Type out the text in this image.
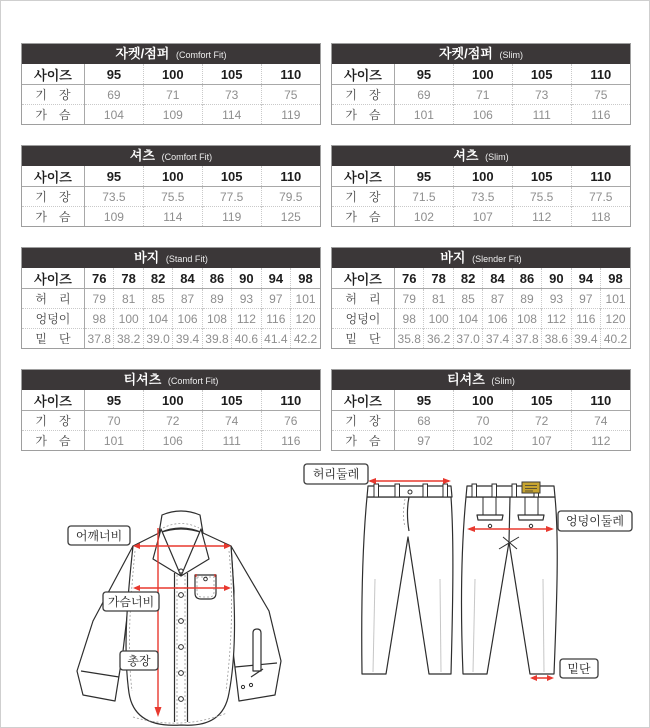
자켓/점퍼 (Comfort Fit)
사이즈	95	100	105	110
기　장	69	71	73	75
가　슴	104	109	114	119
자켓/점퍼 (Slim)
사이즈	95	100	105	110
기　장	69	71	73	75
가　슴	101	106	111	116
셔츠 (Comfort Fit)
사이즈	95	100	105	110
기　장	73.5	75.5	77.5	79.5
가　슴	109	114	119	125
셔츠 (Slim)
사이즈	95	100	105	110
기　장	71.5	73.5	75.5	77.5
가　슴	102	107	112	118
바지 (Stand Fit)
사이즈	76	78	82	84	86	90	94	98
허　리	79	81	85	87	89	93	97	101
엉덩이	98	100	104	106	108	112	116	120
밑　단	37.8	38.2	39.0	39.4	39.8	40.6	41.4	42.2
바지 (Slender Fit)
사이즈	76	78	82	84	86	90	94	98
허　리	79	81	85	87	89	93	97	101
엉덩이	98	100	104	106	108	112	116	120
밑　단	35.8	36.2	37.0	37.4	37.8	38.6	39.4	40.2
티셔츠 (Comfort Fit)
사이즈	95	100	105	110
기　장	70	72	74	76
가　슴	101	106	111	116
티셔츠 (Slim)
사이즈	95	100	105	110
기　장	68	70	72	74
가　슴	97	102	107	112
어깨너비
가슴너비
총장
허리둘레
엉덩이둘레
밑단
